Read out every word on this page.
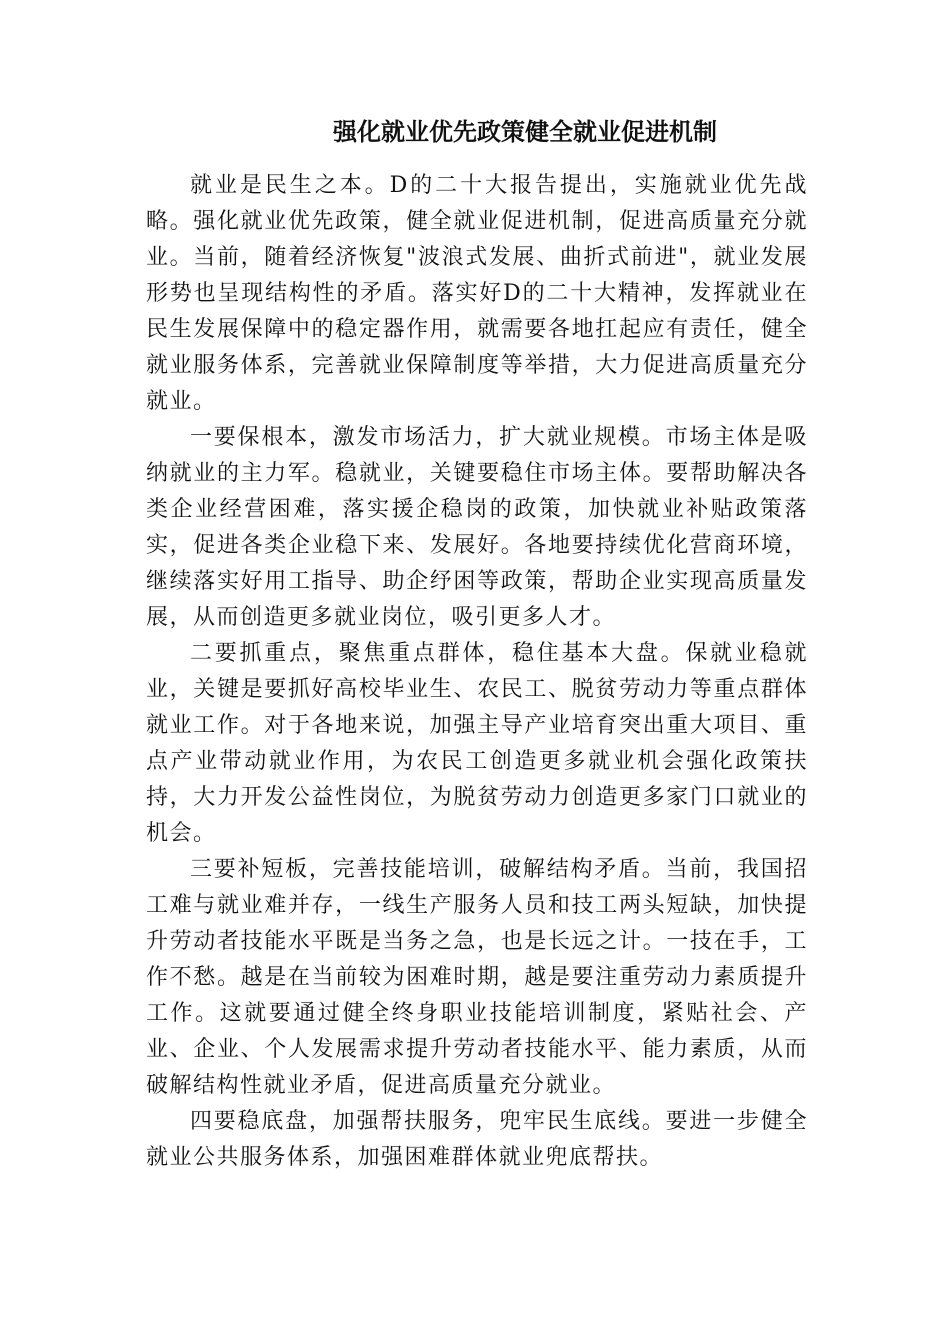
强化就业优先政策健全就业促进机制

就业是民生之本。D的二十大报告提出，实施就业优先战略。强化就业优先政策，健全就业促进机制，促进高质量充分就业。当前，随着经济恢复"波浪式发展、曲折式前进"，就业发展形势也呈现结构性的矛盾。落实好D的二十大精神，发挥就业在民生发展保障中的稳定器作用，就需要各地扛起应有责任，健全就业服务体系，完善就业保障制度等举措，大力促进高质量充分就业。

一要保根本，激发市场活力，扩大就业规模。市场主体是吸纳就业的主力军。稳就业，关键要稳住市场主体。要帮助解决各类企业经营困难，落实援企稳岗的政策，加快就业补贴政策落实，促进各类企业稳下来、发展好。各地要持续优化营商环境，继续落实好用工指导、助企纾困等政策，帮助企业实现高质量发展，从而创造更多就业岗位，吸引更多人才。

二要抓重点，聚焦重点群体，稳住基本大盘。保就业稳就业，关键是要抓好高校毕业生、农民工、脱贫劳动力等重点群体就业工作。对于各地来说，加强主导产业培育突出重大项目、重点产业带动就业作用，为农民工创造更多就业机会强化政策扶持，大力开发公益性岗位，为脱贫劳动力创造更多家门口就业的机会。

三要补短板，完善技能培训，破解结构矛盾。当前，我国招工难与就业难并存，一线生产服务人员和技工两头短缺，加快提升劳动者技能水平既是当务之急，也是长远之计。一技在手，工作不愁。越是在当前较为困难时期，越是要注重劳动力素质提升工作。这就要通过健全终身职业技能培训制度，紧贴社会、产业、企业、个人发展需求提升劳动者技能水平、能力素质，从而破解结构性就业矛盾，促进高质量充分就业。

四要稳底盘，加强帮扶服务，兜牢民生底线。要进一步健全就业公共服务体系，加强困难群体就业兜底帮扶。
